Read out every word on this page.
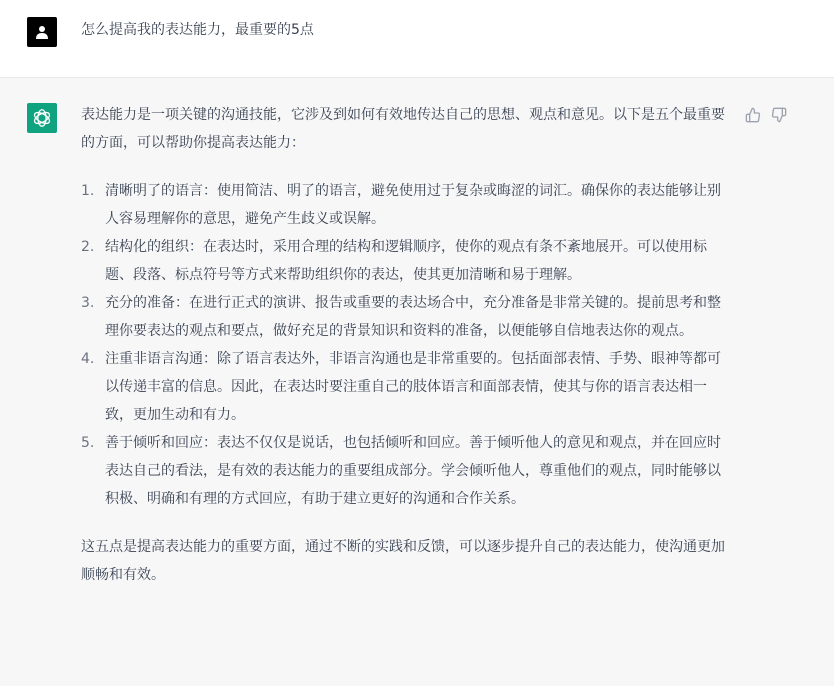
怎么提高我的表达能力，最重要的5点

表达能力是一项关键的沟通技能，它涉及到如何有效地传达自己的思想、观点和意见。以下是五个最重要的方面，可以帮助你提高表达能力：

1. 清晰明了的语言：使用简洁、明了的语言，避免使用过于复杂或晦涩的词汇。确保你的表达能够让别人容易理解你的意思，避免产生歧义或误解。
2. 结构化的组织：在表达时，采用合理的结构和逻辑顺序，使你的观点有条不紊地展开。可以使用标题、段落、标点符号等方式来帮助组织你的表达，使其更加清晰和易于理解。
3. 充分的准备：在进行正式的演讲、报告或重要的表达场合中，充分准备是非常关键的。提前思考和整理你要表达的观点和要点，做好充足的背景知识和资料的准备，以便能够自信地表达你的观点。
4. 注重非语言沟通：除了语言表达外，非语言沟通也是非常重要的。包括面部表情、手势、眼神等都可以传递丰富的信息。因此，在表达时要注重自己的肢体语言和面部表情，使其与你的语言表达相一致，更加生动和有力。
5. 善于倾听和回应：表达不仅仅是说话，也包括倾听和回应。善于倾听他人的意见和观点，并在回应时表达自己的看法，是有效的表达能力的重要组成部分。学会倾听他人，尊重他们的观点，同时能够以积极、明确和有理的方式回应，有助于建立更好的沟通和合作关系。

这五点是提高表达能力的重要方面，通过不断的实践和反馈，可以逐步提升自己的表达能力，使沟通更加顺畅和有效。
